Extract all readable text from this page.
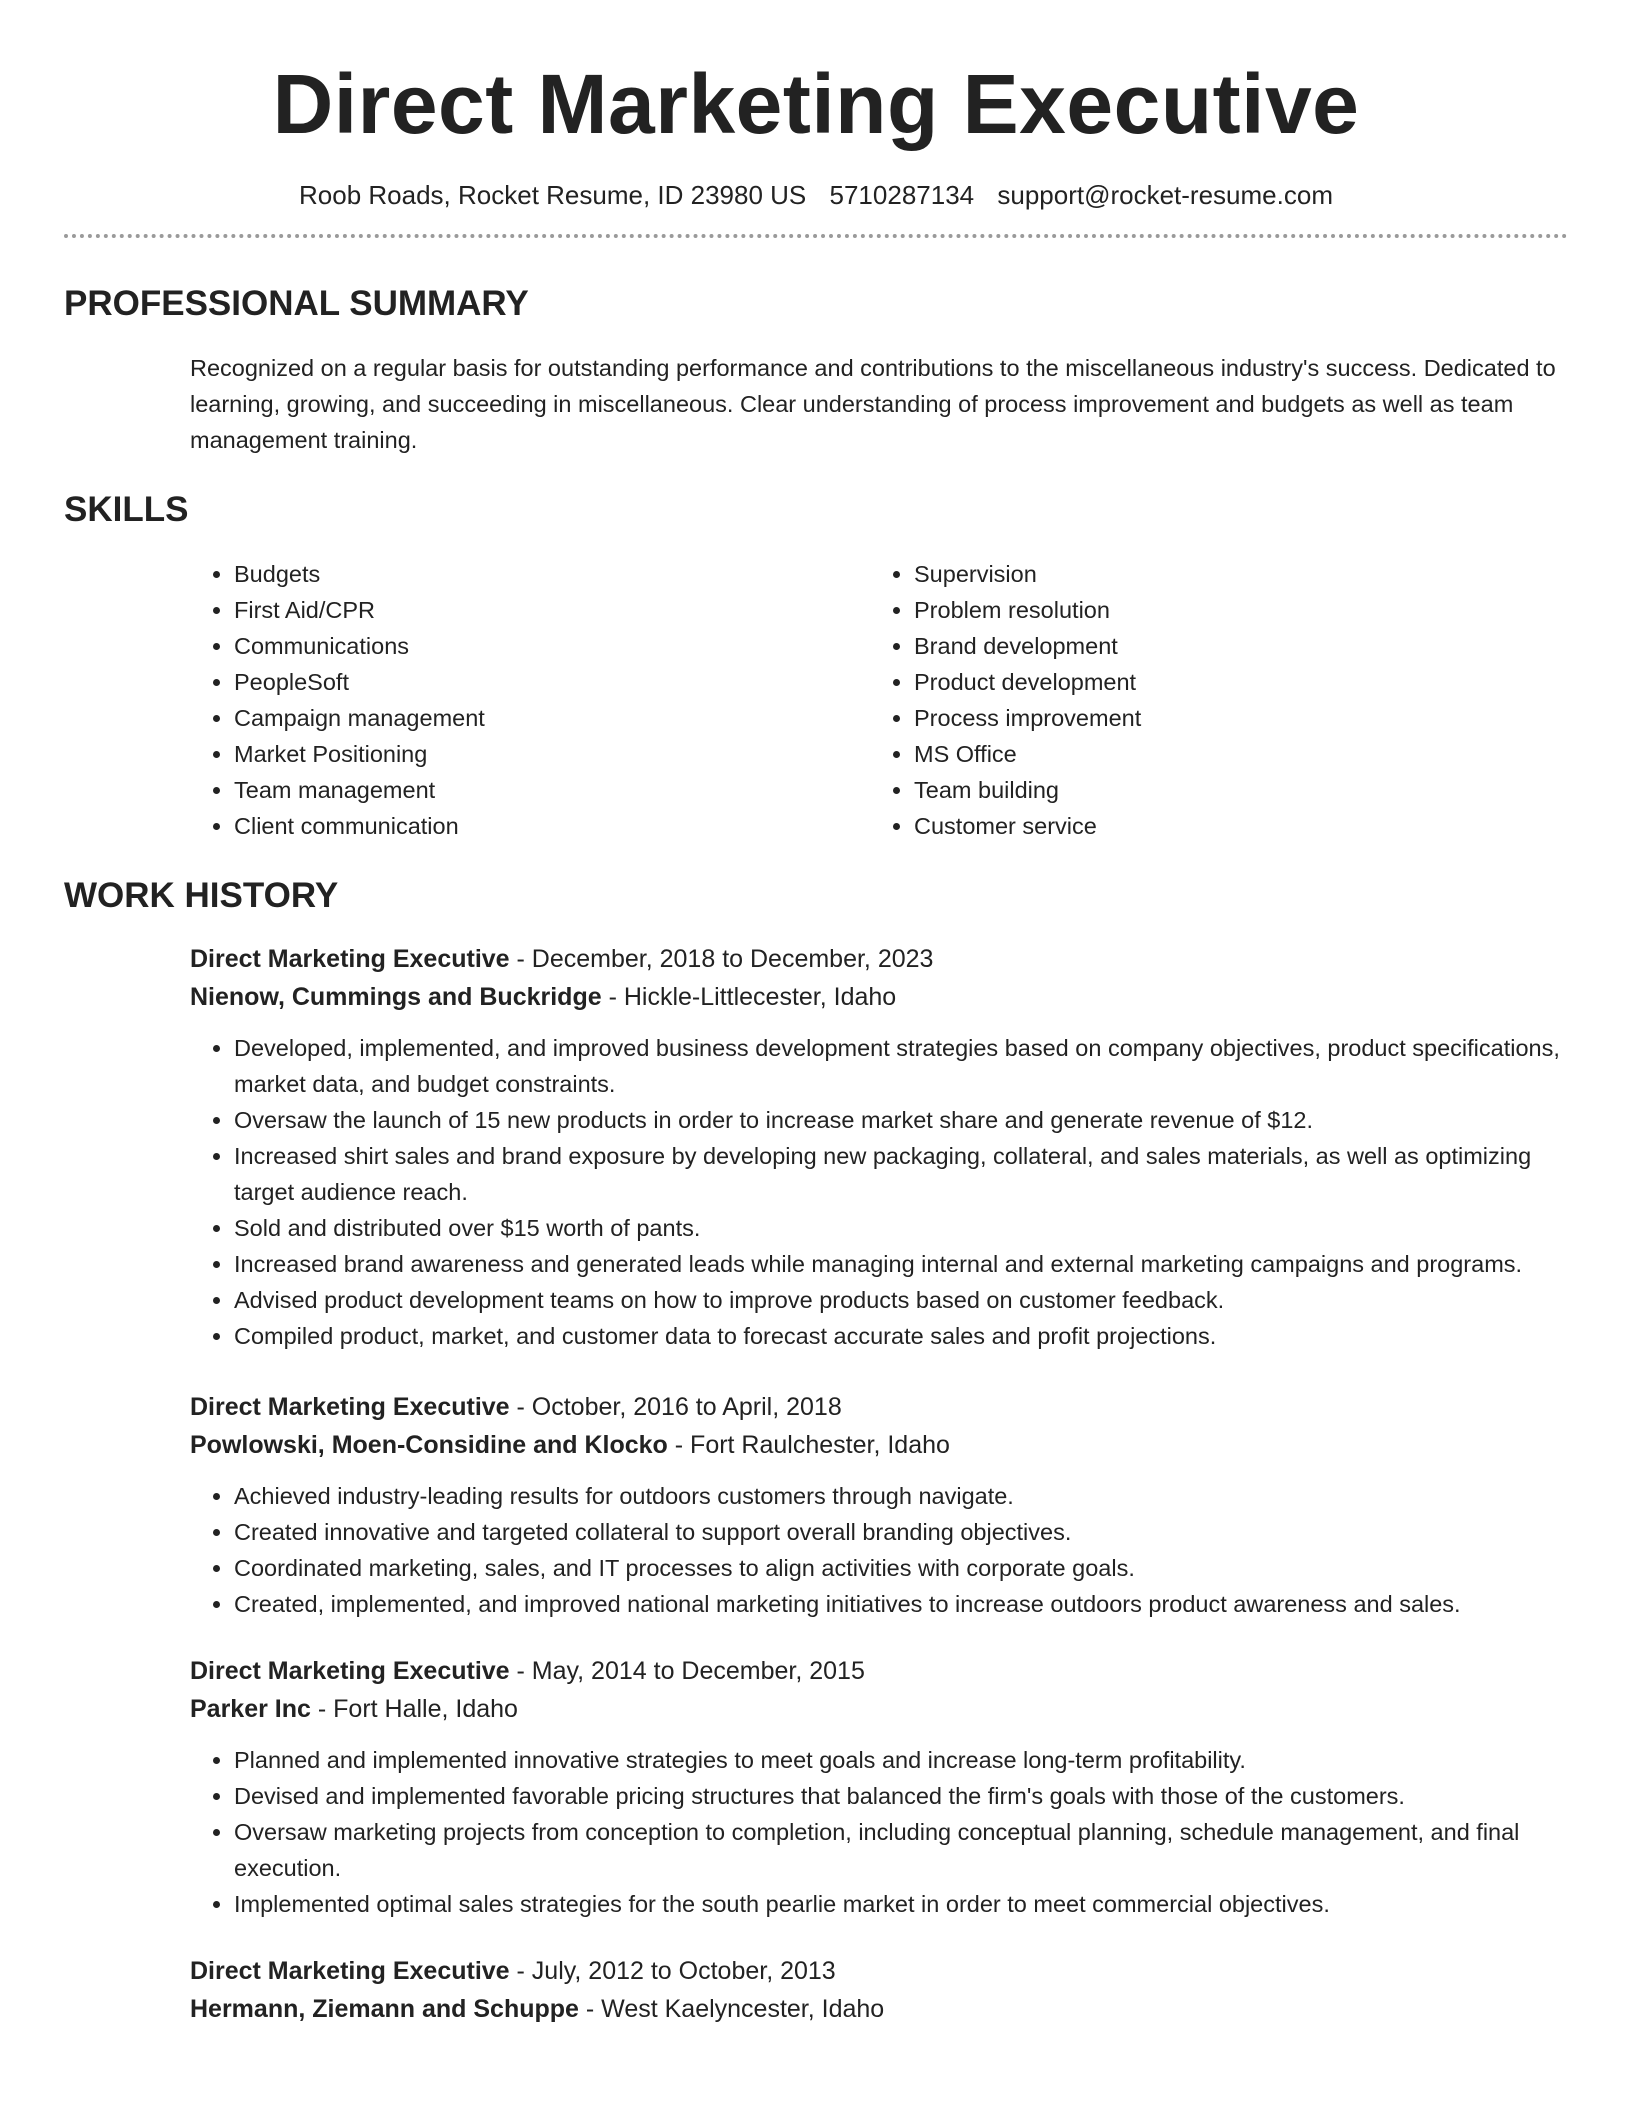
Direct Marketing Executive
Roob Roads, Rocket Resume, ID 23980 US 5710287134 support@rocket-resume.com
PROFESSIONAL SUMMARY

Recognized on a regular basis for outstanding performance and contributions to the miscellaneous industry's success. Dedicated to learning, growing, and succeeding in miscellaneous. Clear understanding of process improvement and budgets as well as team management training.

SKILLS
• Budgets
• First Aid/CPR
• Communications
• PeopleSoft
• Campaign management
• Market Positioning
• Team management
• Client communication
• Supervision
• Problem resolution
• Brand development
• Product development
• Process improvement
• MS Office
• Team building
• Customer service
WORK HISTORY
Direct Marketing Executive - December, 2018 to December, 2023
Nienow, Cummings and Buckridge - Hickle-Littlecester, Idaho
• Developed, implemented, and improved business development strategies based on company objectives, product specifications, market data, and budget constraints.
• Oversaw the launch of 15 new products in order to increase market share and generate revenue of $12.
• Increased shirt sales and brand exposure by developing new packaging, collateral, and sales materials, as well as optimizing target audience reach.
• Sold and distributed over $15 worth of pants.
• Increased brand awareness and generated leads while managing internal and external marketing campaigns and programs.
• Advised product development teams on how to improve products based on customer feedback.
• Compiled product, market, and customer data to forecast accurate sales and profit projections.
Direct Marketing Executive - October, 2016 to April, 2018
Powlowski, Moen-Considine and Klocko - Fort Raulchester, Idaho
• Achieved industry-leading results for outdoors customers through navigate.
• Created innovative and targeted collateral to support overall branding objectives.
• Coordinated marketing, sales, and IT processes to align activities with corporate goals.
• Created, implemented, and improved national marketing initiatives to increase outdoors product awareness and sales.
Direct Marketing Executive - May, 2014 to December, 2015
Parker Inc - Fort Halle, Idaho
• Planned and implemented innovative strategies to meet goals and increase long-term profitability.
• Devised and implemented favorable pricing structures that balanced the firm's goals with those of the customers.
• Oversaw marketing projects from conception to completion, including conceptual planning, schedule management, and final execution.
• Implemented optimal sales strategies for the south pearlie market in order to meet commercial objectives.
Direct Marketing Executive - July, 2012 to October, 2013
Hermann, Ziemann and Schuppe - West Kaelyncester, Idaho
